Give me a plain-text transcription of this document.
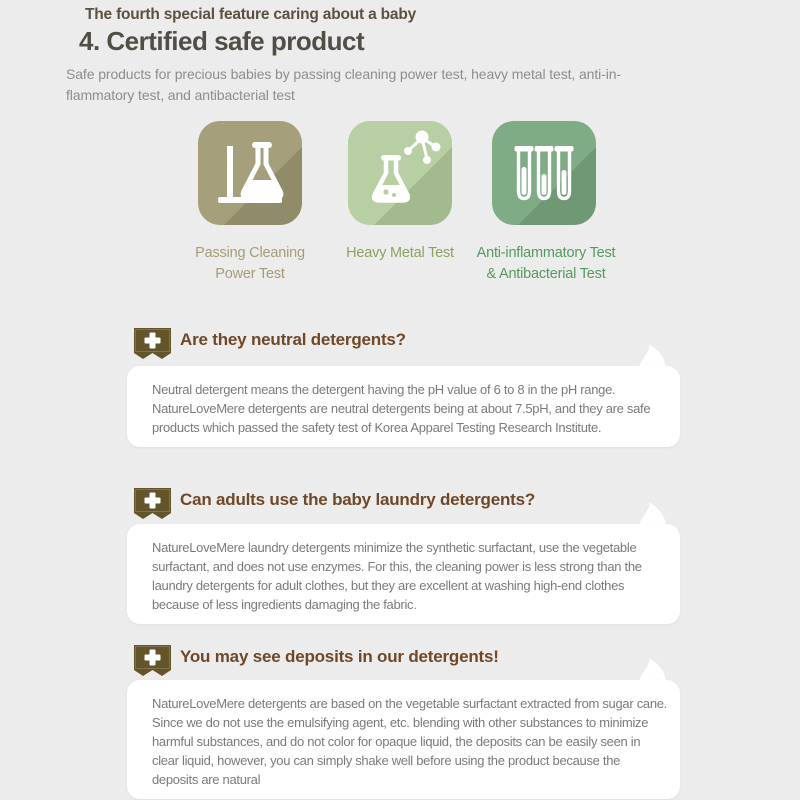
The fourth special feature caring about a baby
4. Certified safe product
Safe products for precious babies by passing cleaning power test, heavy metal test, anti-in-
flammatory test, and antibacterial test
Passing Cleaning
Power Test
Heavy Metal Test	Anti-inflammatory Test
& Antibacterial Test
Are they neutral detergents?
Neutral detergent means the detergent having the pH value of 6 to 8 in the pH range.
NatureLoveMere detergents are neutral detergents being at about 7.5pH, and they are safe
products which passed the safety test of Korea Apparel Testing Research Institute.
Can adults use the baby laundry detergents?
NatureLoveMere laundry detergents minimize the synthetic surfactant, use the vegetable
surfactant, and does not use enzymes. For this, the cleaning power is less strong than the
laundry detergents for adult clothes, but they are excellent at washing high-end clothes
because of less ingredients damaging the fabric.
You may see deposits in our detergents!
NatureLoveMere detergents are based on the vegetable surfactant extracted from sugar cane.
Since we do not use the emulsifying agent, etc. blending with other substances to minimize
harmful substances, and do not color for opaque liquid, the deposits can be easily seen in
clear liquid, however, you can simply shake well before using the product because the
deposits are natural
